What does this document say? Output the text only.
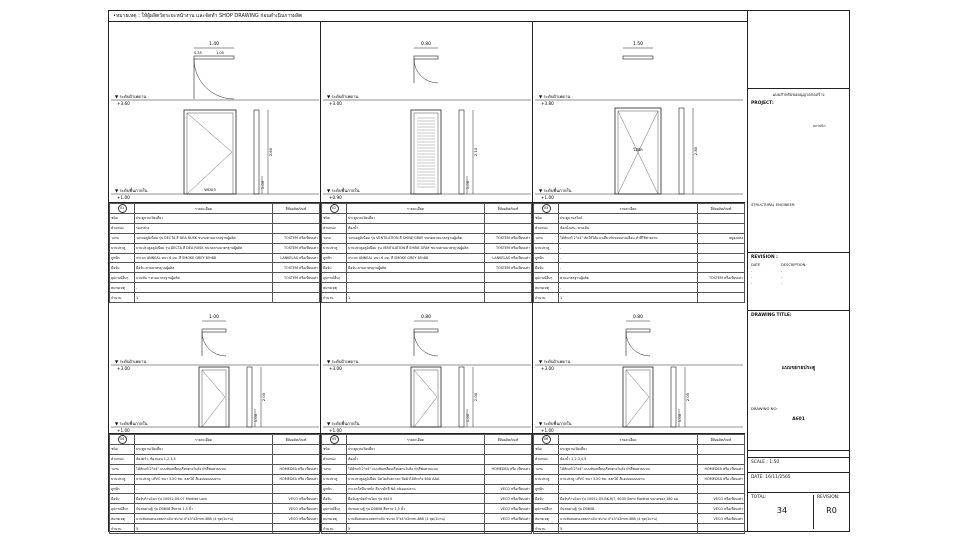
•หมายเหตุ : ให้ผู้ผลิตวัดระยะหน้างาน และจัดทำ SHOP DRAWING ก่อนดำเนินการผลิต
1.40
0.35	1.05
▼ ระดับฝ้าเพดาน
+3.60
▼ ระดับพื้นภายใน
+1.00
WD03
2.60
1.00
01	รายละเอียด	ยี่ห้อผลิตภัณฑ์
ชนิด	ประตูบานเปิดเดี่ยว	
ตำแหน่ง	ร่องกลาง	
วงกบ	วงกบอลูมิเนียม รุ่น DECTA สี DEA RUSK ขนาดตามมาตรฐานผู้ผลิต	TOSTEM หรือเทียบเท่า
บานประตู	บานประตูอลูมิเนียม รุ่น DECTA สี DEA RUSK ขนาดตามมาตรฐานผู้ผลิต	TOSTEM หรือเทียบเท่า
ลูกฟัก	กระจก ANNEAL หนา 6 มม. สี SMOKE GREY 85ร88	LANKELAS หรือเทียบเท่า
มือจับ	มือจับ ตามมาตรฐานผู้ผลิต	TOSTEM หรือเทียบเท่า
อุปกรณ์อื่นๆ	บานพับ ฯ ตามมาตรฐานผู้ผลิต	TOSTEM หรือเทียบเท่า
หมายเหตุ	-	
จำนวน	1	
0.80
▼ ระดับฝ้าเพดาน
+3.00
▼ ระดับพื้นภายใน
+0.90
2.10
1.00
02	รายละเอียด	ยี่ห้อผลิตภัณฑ์
ชนิด	ประตูบานเปิดเดี่ยว	
ตำแหน่ง	ห้องน้ำ	
วงกบ	วงกบอลูมิเนียม รุ่น VENTILATION สี SHINE GRAY ขนาดตามมาตรฐานผู้ผลิต	TOSTEM หรือเทียบเท่า
บานประตู	บานประตูอลูมิเนียม รุ่น VENTILATION สี SHINE GRAY ขนาดตามมาตรฐานผู้ผลิต	TOSTEM หรือเทียบเท่า
ลูกฟัก	กระจก ANNEAL หนา 6 มม. สี SMOKE GREY 85ร88	LANKELAS หรือเทียบเท่า
มือจับ	มือจับ ตามมาตรฐานผู้ผลิต	TOSTEM หรือเทียบเท่า
อุปกรณ์อื่นๆ	-	
หมายเหตุ	-	
จำนวน	1	
1.50
▼ ระดับฝ้าเพดาน
+3.80
▼ ระดับพื้นภายใน
+1.00
ไม้อัด	2.80
03	รายละเอียด	ยี่ห้อผลิตภัณฑ์
ชนิด	ประตูบานสไลด์	
ตำแหน่ง	ห้องนั่งเล่น, ทางเดิน	
วงกบ	ไม้สักแท้ 2"x4" ตัดให้ได้แนวเดียวกับขอบบานเลื่อน ทำสีให้สวยงาม	หยูฮงแต่ง
บานประตู	-	
ลูกฟัก	-	
มือจับ	-	
อุปกรณ์อื่นๆ	ตามมาตรฐานผู้ผลิต	TOSTEM หรือเทียบเท่า
หมายเหตุ	-	
จำนวน	1	
1.00
▼ ระดับฝ้าเพดาน
+3.00
▼ ระดับพื้นภายใน
+1.00
2.00
1.00
04	รายละเอียด	ยี่ห้อผลิตภัณฑ์
ชนิด	ประตูบานเปิดเดี่ยว	
ตำแหน่ง	ห้องครัว, ห้องนอน 1,2,3,4	
วงกบ	ไม้สักแท้ 2"x4" แบบสันเหลี่ยมเรียบตรงโบลิ่ง ทำสีพ่นตามแบบ	HOMEDEA หรือ เทียบเท่า
บานประตู	บานประตู uPVC หนา 3.50 ซม. ลอกไม้ สีแดงมอแบบผ่าน	HOMEDEA หรือ เทียบเท่า
ลูกฟัก	-	
มือจับ	มือจับก้านโยก รุ่น 10052-05-07 Mortise Lock	VECO หรือเทียบเท่า
อุปกรณ์อื่นๆ	กันชนยางตู้ รุ่น D0808 สีทราย 1.5 นิ้ว	VECO หรือเทียบเท่า
หมายเหตุ	บานพับสแตนเลสยกระดับ ขนาด 4"x3"x2mm.4BB (4 ชุด/1บาน)	VECO หรือเทียบเท่า
จำนวน	5	
0.80
▼ ระดับฝ้าเพดาน
+3.00
▼ ระดับพื้นภายใน
+1.00
2.00
1.00
05	รายละเอียด	ยี่ห้อผลิตภัณฑ์
ชนิด	ประตูบานเปิดเดี่ยว	
ตำแหน่ง	ห้องน้ำ	
วงกบ	ไม้สักแท้ 2"x4" แบบสันเหลี่ยมเรียบตรงโบลิ่ง ทำสีพ่นตามแบบ	HOMEDEA หรือ เทียบเท่า
บานประตู	บานประตูอลูมิเนียม นิคโคลั่นตะกละ ปิดผิวไม้สักจริง 60A AAA	-
ลูกฟัก	กระจกใสมีบาหนัก ลีลากฝ้าสี NA ลลิเออเปลาน	VECO หรือเทียบเท่า
มือจับ	มือจับลูกบิดก้านโยก รุ่น 6414	VECO หรือเทียบเท่า
อุปกรณ์อื่นๆ	กันชนยางตู้ รุ่น D0808 สีทราย 1.5 นิ้ว	VECO หรือเทียบเท่า
หมายเหตุ	บานพับสแตนเลสยกระดับ ขนาด 3"x4"x2mm.4BB (3 ชุด/1บาน)	VECO หรือเทียบเท่า
จำนวน	5	
0.80
▼ ระดับฝ้าเพดาน
+3.00
▼ ระดับพื้นภายใน
+1.00
2.05
1.00
06	รายละเอียด	ยี่ห้อผลิตภัณฑ์
ชนิด	ประตูบานเปิดเดี่ยว	
ตำแหน่ง	ห้องน้ำ 1,2,3,4,5	
วงกบ	ไม้สักแท้ 2"x4" แบบสันเหลี่ยมเรียบตรงโบลิ่ง ทำสีพ่นตามแบบ	HOMEDEA หรือ เทียบเท่า
บานประตู	บานประตู uPVC หนา 3.50 ซม. ลอกไม้ สีแดงมอแบบผ่าน	HOMEDEA หรือ เทียบเท่า
ลูกฟัก	-	
มือจับ	มือจับก้านโยก รุ่น 10052-05-BK-RJT, 6035 Semi Mortise ขนาดของ 180 มม.	VECO หรือเทียบเท่า
อุปกรณ์อื่นๆ	กันชนยางตู้ รุ่น D0808	VECO หรือเทียบเท่า
หมายเหตุ	บานพับสแตนเลสยกระดับ ขนาด 4"x3"x2mm.4BB (4 ชุด/1บาน)	VECO หรือเทียบเท่า
จำนวน	5	
แบบสำหรับขออนุญาตก่อสร้าง
PROJECT:
สถาปนิก
STRUCTURAL ENGINEER:
REVISION :
DATE	DESCRIPTION
-	-
-	-
-	-
DRAWING TITLE:
แบบขยายประตู
DRAWING NO:
A601
SCALE : 1:50
DATE: 16/11/2565
TOTAL:
34
REVISION:
R0
